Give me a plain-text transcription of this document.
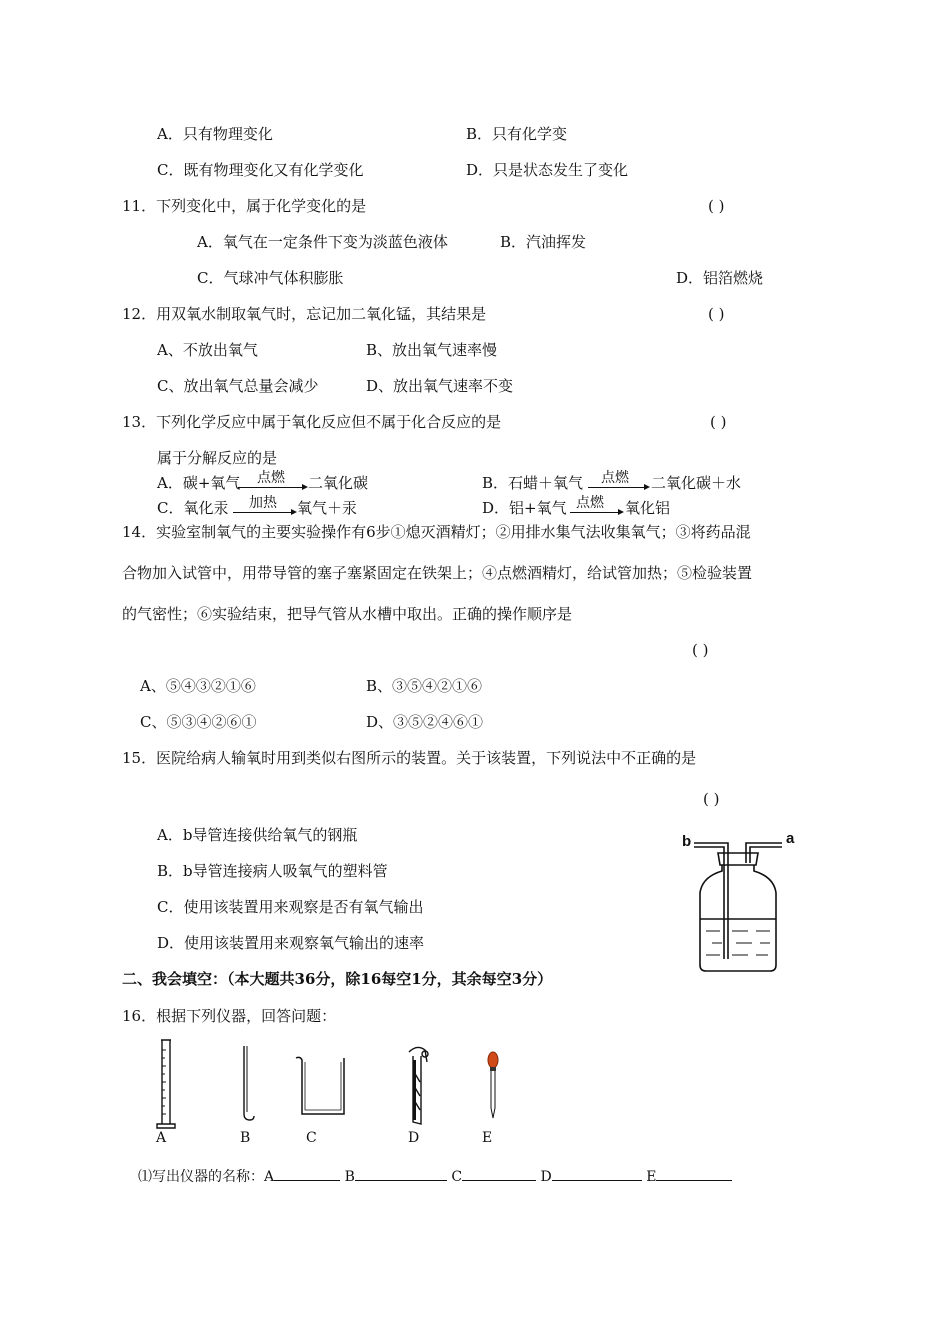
A．只有物理变化	B．只有化学变
C．既有物理变化又有化学变化	D．只是状态发生了变化
11．下列变化中，属于化学变化的是	( )
A．氧气在一定条件下变为淡蓝色液体	B．汽油挥发
C．气球冲气体积膨胀	D．铝箔燃烧
12．用双氧水制取氧气时，忘记加二氧化锰，其结果是	( )
A、不放出氧气	B、放出氧气速率慢
C、放出氧气总量会减少	D、放出氧气速率不变
13．下列化学反应中属于氧化反应但不属于化合反应的是	( )
属于分解反应的是
A．碳+氧气 点燃 二氧化碳	B．石蜡＋氧气 点燃 → 二氧化碳＋水
C．氧化汞 加热 氧气＋汞	D．铝+氧气 点燃 → 氧化铝
14．实验室制氧气的主要实验操作有6步①熄灭酒精灯；②用排水集气法收集氧气；③将药品混
合物加入试管中，用带导管的塞子塞紧固定在铁架上；④点燃酒精灯，给试管加热；⑤检验装置
的气密性；⑥实验结束，把导气管从水槽中取出。正确的操作顺序是
( )
A、⑤④③②①⑥	B、③⑤④②①⑥
C、⑤③④②⑥①	D、③⑤②④⑥①
15．医院给病人输氧时用到类似右图所示的装置。关于该装置，下列说法中不正确的是
( )
A．b导管连接供给氧气的钢瓶
B．b导管连接病人吸氧气的塑料管
C．使用该装置用来观察是否有氧气输出
D．使用该装置用来观察氧气输出的速率
b	a
二、我会填空：（本大题共36分，除16每空1分，其余每空3分）
16．根据下列仪器，回答问题：
A	B	C	D	E
⑴写出仪器的名称：A	B	C	D	E
